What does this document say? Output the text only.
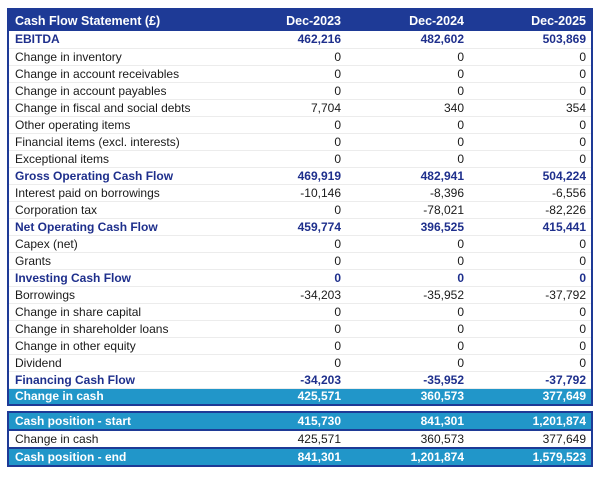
Cash Flow Statement (£)	Dec-2023	Dec-2024	Dec-2025
EBITDA	462,216	482,602	503,869
Change in inventory	0	0	0
Change in account receivables	0	0	0
Change in account payables	0	0	0
Change in fiscal and social debts	7,704	340	354
Other operating items	0	0	0
Financial items (excl. interests)	0	0	0
Exceptional items	0	0	0
Gross Operating Cash Flow	469,919	482,941	504,224
Interest paid on borrowings	-10,146	-8,396	-6,556
Corporation tax	0	-78,021	-82,226
Net Operating Cash Flow	459,774	396,525	415,441
Capex (net)	0	0	0
Grants	0	0	0
Investing Cash Flow	0	0	0
Borrowings	-34,203	-35,952	-37,792
Change in share capital	0	0	0
Change in shareholder loans	0	0	0
Change in other equity	0	0	0
Dividend	0	0	0
Financing Cash Flow	-34,203	-35,952	-37,792
Change in cash	425,571	360,573	377,649
Cash position - start	415,730	841,301	1,201,874
Change in cash	425,571	360,573	377,649
Cash position - end	841,301	1,201,874	1,579,523
